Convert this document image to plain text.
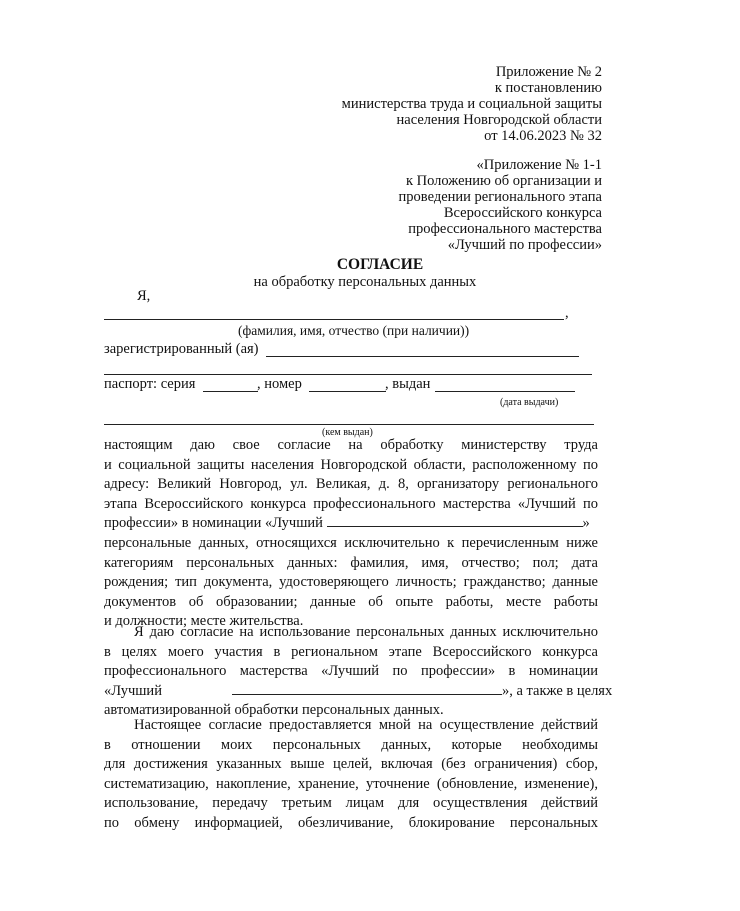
Приложение № 2
к постановлению
министерства труда и социальной защиты
населения Новгородской области
от 14.06.2023 № 32
«Приложение № 1-1
к Положению об организации и
проведении регионального этапа
Всероссийского конкурса
профессионального мастерства
«Лучший по профессии»
СОГЛАСИЕ
на обработку персональных данных
Я,
,
(фамилия, имя, отчество (при наличии))
зарегистрированный (ая)
паспорт: серия	, номер	, выдан
(дата выдачи)
(кем выдан)
настоящим даю свое согласие на обработку министерству труда
и социальной защиты населения Новгородской области, расположенному по
адресу: Великий Новгород, ул. Великая, д. 8, организатору регионального
этапа Всероссийского конкурса профессионального мастерства «Лучший по
профессии» в номинации «Лучший	»
персональные данных, относящихся исключительно к перечисленным ниже
категориям персональных данных: фамилия, имя, отчество; пол; дата
рождения; тип документа, удостоверяющего личность; гражданство; данные
документов об образовании; данные об опыте работы, месте работы
и должности; месте жительства.
Я даю согласие на использование персональных данных исключительно
в целях моего участия в региональном этапе Всероссийского конкурса
профессионального мастерства «Лучший по профессии» в номинации
«Лучший	», а также в целях
автоматизированной обработки персональных данных.
Настоящее согласие предоставляется мной на осуществление действий
в отношении моих персональных данных, которые необходимы
для достижения указанных выше целей, включая (без ограничения) сбор,
систематизацию, накопление, хранение, уточнение (обновление, изменение),
использование, передачу третьим лицам для осуществления действий
по обмену информацией, обезличивание, блокирование персональных
